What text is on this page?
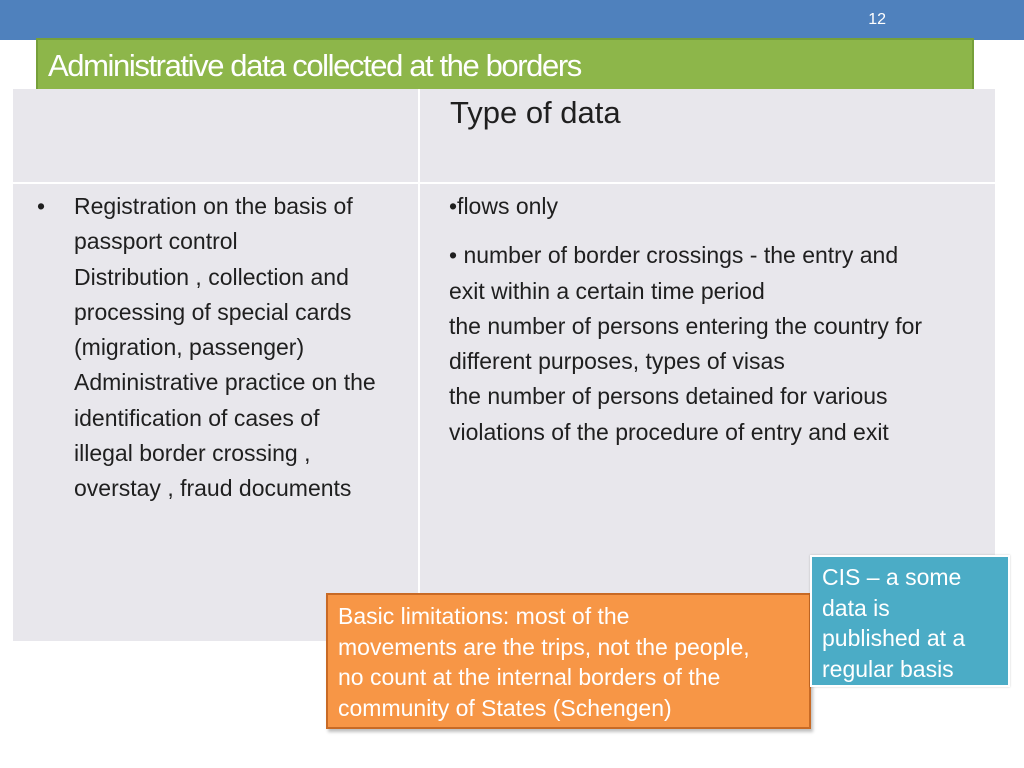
12
Administrative data collected at the borders
Type of data
• Registration on the basis of
passport control
Distribution , collection and
processing of special cards
(migration, passenger)
Administrative practice on the
identification of cases of
illegal border crossing ,
overstay , fraud documents
•flows only
• number of border crossings - the entry and
exit within a certain time period
the number of persons entering the country for
different purposes, types of visas
the number of persons detained for various
violations of the procedure of entry and exit
Basic limitations: most of the
movements are the trips, not the people,
no count at the internal borders of the
community of States (Schengen)
CIS – a some
data is
published at a
regular basis
